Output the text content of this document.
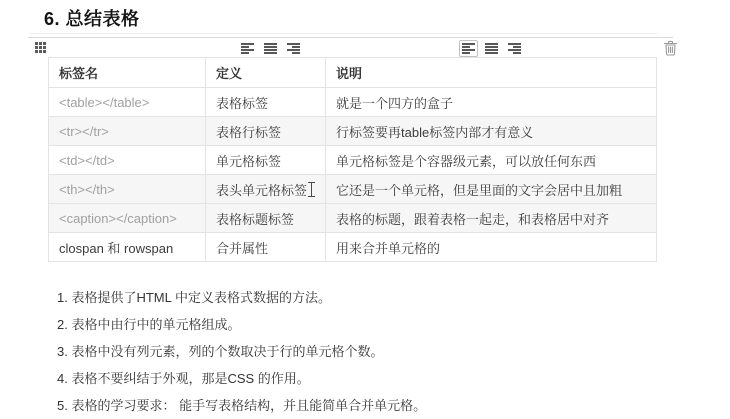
6. 总结表格
标签名	定义	说明
<table></table>	表格标签	就是一个四方的盒子
<tr></tr>	表格行标签	行标签要再table标签内部才有意义
<td></td>	单元格标签	单元格标签是个容器级元素，可以放任何东西
<th></th>	表头单元格标签	它还是一个单元格，但是里面的文字会居中且加粗
<caption></caption>	表格标题标签	表格的标题，跟着表格一起走，和表格居中对齐
clospan 和 rowspan	合并属性	用来合并单元格的
1. 表格提供了HTML 中定义表格式数据的方法。
2. 表格中由行中的单元格组成。
3. 表格中没有列元素，列的个数取决于行的单元格个数。
4. 表格不要纠结于外观，那是CSS 的作用。
5. 表格的学习要求： 能手写表格结构，并且能简单合并单元格。
